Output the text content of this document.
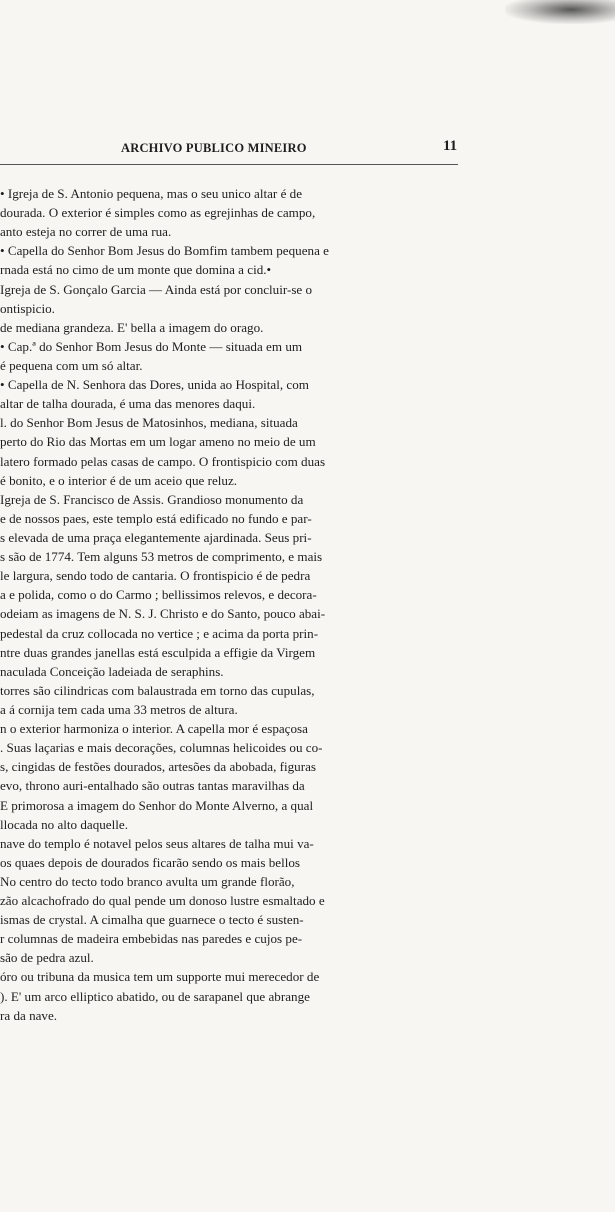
ARCHIVO PUBLICO MINEIRO	11
• Igreja de S. Antonio pequena, mas o seu unico altar é de
dourada. O exterior é simples como as egrejinhas de campo,
anto esteja no correr de uma rua.
• Capella do Senhor Bom Jesus do Bomfim tambem pequena e
rnada está no cimo de um monte que domina a cid.•
Igreja de S. Gonçalo Garcia — Ainda está por concluir-se o
ontispicio.
de mediana grandeza. E' bella a imagem do orago.
• Cap.ª do Senhor Bom Jesus do Monte — situada em um
é pequena com um só altar.
• Capella de N. Senhora das Dores, unida ao Hospital, com
altar de talha dourada, é uma das menores daqui.
l. do Senhor Bom Jesus de Matosinhos, mediana, situada
perto do Rio das Mortas em um logar ameno no meio de um
latero formado pelas casas de campo. O frontispicio com duas
é bonito, e o interior é de um aceio que reluz.
Igreja de S. Francisco de Assis. Grandioso monumento da
e de nossos paes, este templo está edificado no fundo e par-
s elevada de uma praça elegantemente ajardinada. Seus pri-
s são de 1774. Tem alguns 53 metros de comprimento, e mais
le largura, sendo todo de cantaria. O frontispicio é de pedra
a e polida, como o do Carmo ; bellissimos relevos, e decora-
odeiam as imagens de N. S. J. Christo e do Santo, pouco abai-
pedestal da cruz collocada no vertice ; e acima da porta prin-
ntre duas grandes janellas está esculpida a effigie da Virgem
naculada Conceição ladeiada de seraphins.
torres são cilindricas com balaustrada em torno das cupulas,
a á cornija tem cada uma 33 metros de altura.
n o exterior harmoniza o interior. A capella mor é espaçosa
. Suas laçarias e mais decorações, columnas helicoides ou co-
s, cingidas de festões dourados, artesões da abobada, figuras
evo, throno auri-entalhado são outras tantas maravilhas da
E primorosa a imagem do Senhor do Monte Alverno, a qual
llocada no alto daquelle.
nave do templo é notavel pelos seus altares de talha mui va-
os quaes depois de dourados ficarão sendo os mais bellos
No centro do tecto todo branco avulta um grande florão,
zão alcachofrado do qual pende um donoso lustre esmaltado e
ismas de crystal. A cimalha que guarnece o tecto é susten-
r columnas de madeira embebidas nas paredes e cujos pe-
são de pedra azul.
óro ou tribuna da musica tem um supporte mui merecedor de
). E' um arco elliptico abatido, ou de sarapanel que abrange
ra da nave.
